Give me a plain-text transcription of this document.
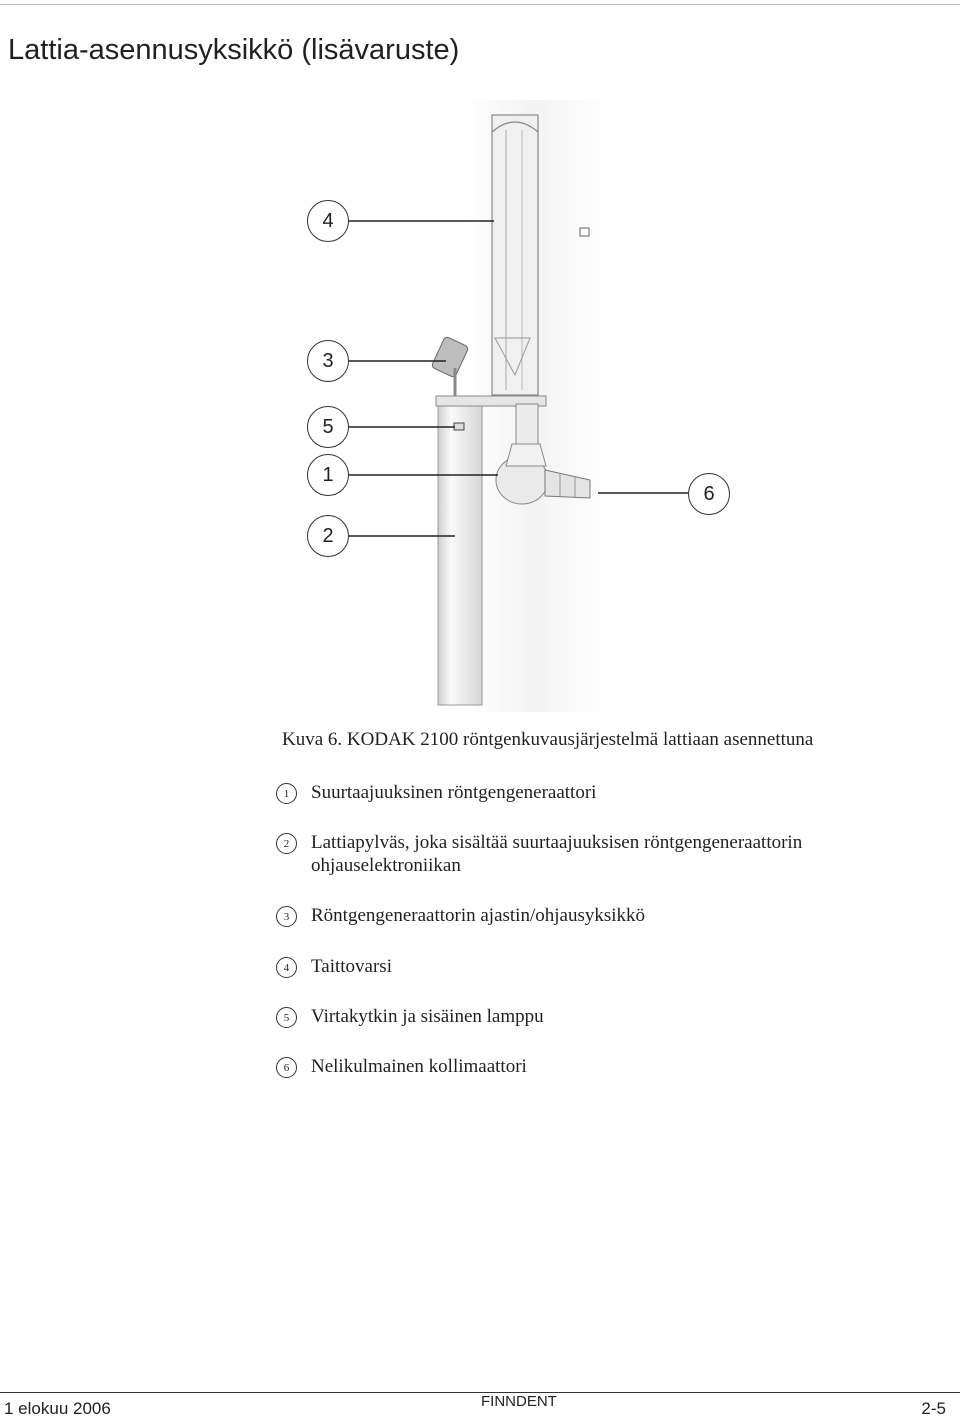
Lattia-asennusyksikkö (lisävaruste)
4
3
5
1
2
6
Kuva 6. KODAK 2100 röntgenkuvausjärjestelmä lattiaan asennettuna
1	Suurtaajuuksinen röntgengeneraattori
2	Lattiapylväs, joka sisältää suurtaajuuksisen röntgengeneraattorin ohjauselektroniikan
3	Röntgengeneraattorin ajastin/ohjausyksikkö
4	Taittovarsi
5	Virtakytkin ja sisäinen lamppu
6	Nelikulmainen kollimaattori
1 elokuu 2006	FINNDENT	2-5
